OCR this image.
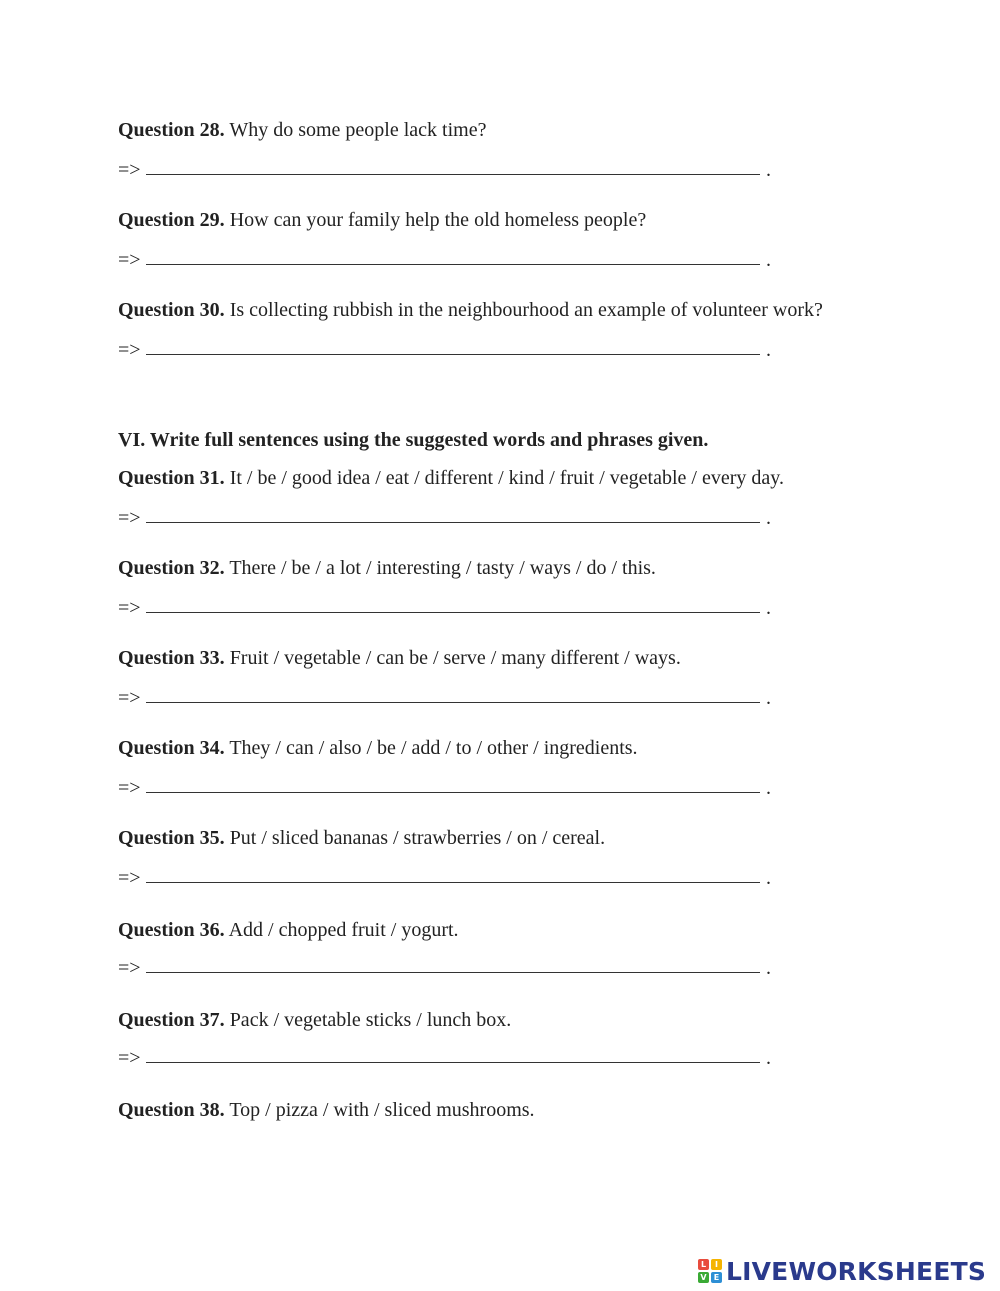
Question 28. Why do some people lack time?
=>	.
Question 29. How can your family help the old homeless people?
=>	.
Question 30. Is collecting rubbish in the neighbourhood an example of volunteer work?
=>	.
VI. Write full sentences using the suggested words and phrases given.
Question 31. It / be / good idea / eat / different / kind / fruit / vegetable / every day.
=>	.
Question 32. There / be / a lot / interesting / tasty / ways / do / this.
=>	.
Question 33. Fruit / vegetable / can be / serve / many different / ways.
=>	.
Question 34. They / can / also / be / add / to / other / ingredients.
=>	.
Question 35. Put / sliced bananas / strawberries / on / cereal.
=>	.
Question 36. Add / chopped fruit / yogurt.
=>	.
Question 37. Pack / vegetable sticks / lunch box.
=>	.
Question 38. Top / pizza / with / sliced mushrooms.
L	I
V E LIVEWORKSHEETS
